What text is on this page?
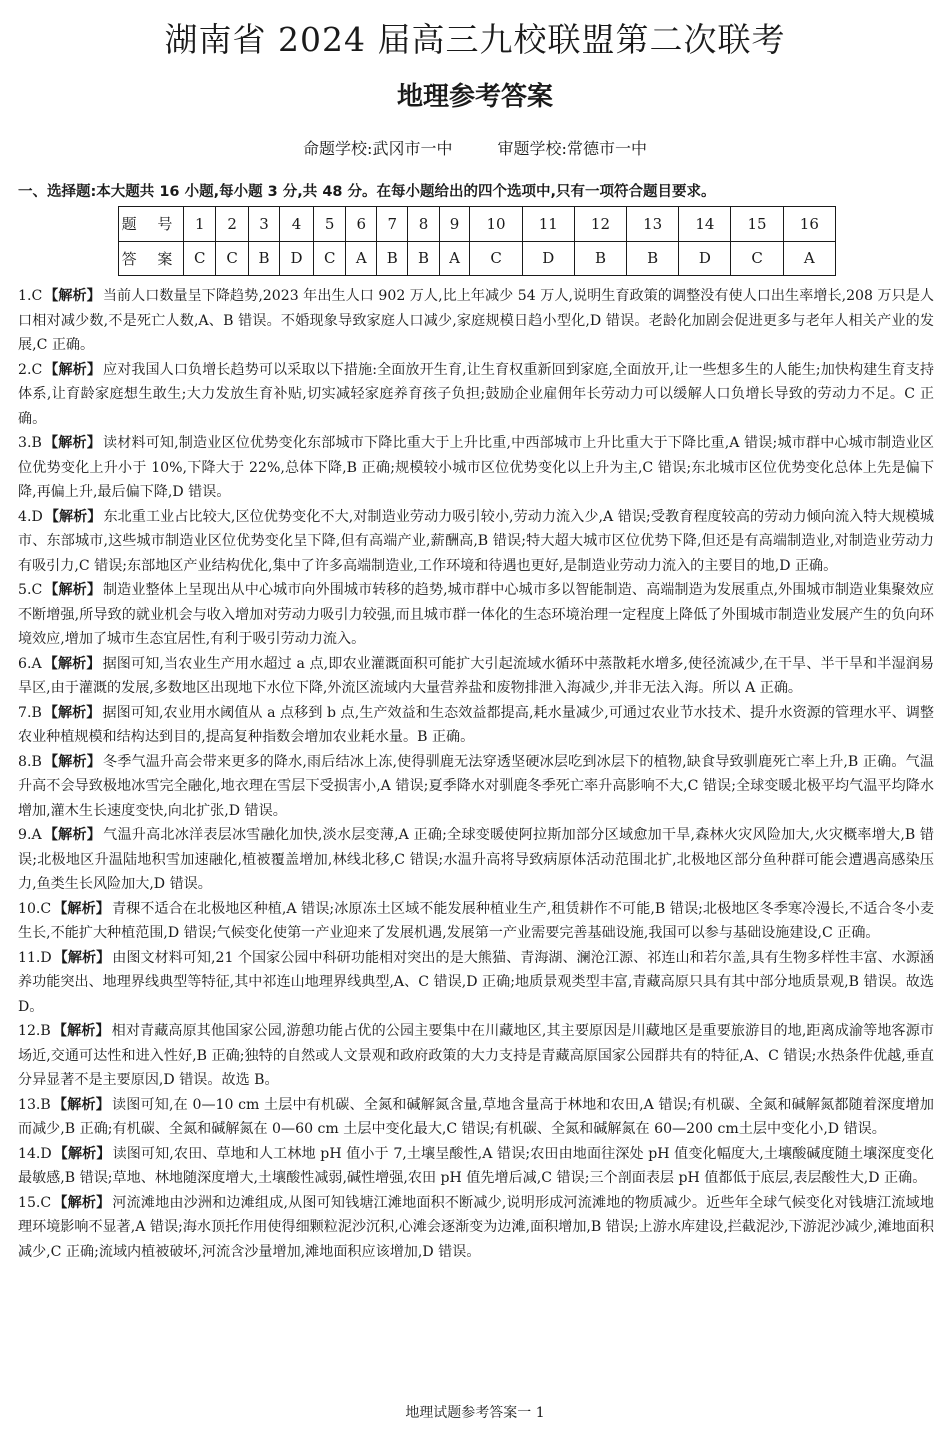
湖南省 2024 届高三九校联盟第二次联考
地理参考答案
命题学校:武冈市一中	审题学校:常德市一中
一、选择题:本大题共 16 小题,每小题 3 分,共 48 分。在每小题给出的四个选项中,只有一项符合题目要求。
题 号	1	2	3	4	5	6	7	8	9	10	11	12	13	14	15	16
答 案	C	C	B	D	C	A	B	B	A	C	D	B	B	D	C	A

1.C 【解析】 当前人口数量呈下降趋势,2023 年出生人口 902 万人,比上年减少 54 万人,说明生育政策的调整没有使人口出生率增长,208 万只是人口相对减少数,不是死亡人数,A、B 错误。不婚现象导致家庭人口减少,家庭规模日趋小型化,D 错误。老龄化加剧会促进更多与老年人相关产业的发展,C 正确。

2.C 【解析】 应对我国人口负增长趋势可以采取以下措施:全面放开生育,让生育权重新回到家庭,全面放开,让一些想多生的人能生;加快构建生育支持体系,让育龄家庭想生敢生;大力发放生育补贴,切实减轻家庭养育孩子负担;鼓励企业雇佣年长劳动力可以缓解人口负增长导致的劳动力不足。C 正确。

3.B 【解析】 读材料可知,制造业区位优势变化东部城市下降比重大于上升比重,中西部城市上升比重大于下降比重,A 错误;城市群中心城市制造业区位优势变化上升小于 10%,下降大于 22%,总体下降,B 正确;规模较小城市区位优势变化以上升为主,C 错误;东北城市区位优势变化总体上先是偏下降,再偏上升,最后偏下降,D 错误。

4.D 【解析】 东北重工业占比较大,区位优势变化不大,对制造业劳动力吸引较小,劳动力流入少,A 错误;受教育程度较高的劳动力倾向流入特大规模城市、东部城市,这些城市制造业区位优势变化呈下降,但有高端产业,薪酬高,B 错误;特大超大城市区位优势下降,但还是有高端制造业,对制造业劳动力有吸引力,C 错误;东部地区产业结构优化,集中了许多高端制造业,工作环境和待遇也更好,是制造业劳动力流入的主要目的地,D 正确。

5.C 【解析】 制造业整体上呈现出从中心城市向外围城市转移的趋势,城市群中心城市多以智能制造、高端制造为发展重点,外围城市制造业集聚效应不断增强,所导致的就业机会与收入增加对劳动力吸引力较强,而且城市群一体化的生态环境治理一定程度上降低了外围城市制造业发展产生的负向环境效应,增加了城市生态宜居性,有利于吸引劳动力流入。

6.A 【解析】 据图可知,当农业生产用水超过 a 点,即农业灌溉面积可能扩大引起流域水循环中蒸散耗水增多,使径流减少,在干旱、半干旱和半湿润易旱区,由于灌溉的发展,多数地区出现地下水位下降,外流区流域内大量营养盐和废物排泄入海减少,并非无法入海。所以 A 正确。

7.B 【解析】 据图可知,农业用水阈值从 a 点移到 b 点,生产效益和生态效益都提高,耗水量减少,可通过农业节水技术、提升水资源的管理水平、调整农业种植规模和结构达到目的,提高复种指数会增加农业耗水量。B 正确。

8.B 【解析】 冬季气温升高会带来更多的降水,雨后结冰上冻,使得驯鹿无法穿透坚硬冰层吃到冰层下的植物,缺食导致驯鹿死亡率上升,B 正确。气温升高不会导致极地冰雪完全融化,地衣理在雪层下受损害小,A 错误;夏季降水对驯鹿冬季死亡率升高影响不大,C 错误;全球变暖北极平均气温平均降水增加,灌木生长速度变快,向北扩张,D 错误。

9.A 【解析】 气温升高北冰洋表层冰雪融化加快,淡水层变薄,A 正确;全球变暖使阿拉斯加部分区域愈加干旱,森林火灾风险加大,火灾概率增大,B 错误;北极地区升温陆地积雪加速融化,植被覆盖增加,林线北移,C 错误;水温升高将导致病原体活动范围北扩,北极地区部分鱼种群可能会遭遇高感染压力,鱼类生长风险加大,D 错误。

10.C 【解析】 青稞不适合在北极地区种植,A 错误;冰原冻土区域不能发展种植业生产,租赁耕作不可能,B 错误;北极地区冬季寒冷漫长,不适合冬小麦生长,不能扩大种植范围,D 错误;气候变化使第一产业迎来了发展机遇,发展第一产业需要完善基础设施,我国可以参与基础设施建设,C 正确。

11.D 【解析】 由图文材料可知,21 个国家公园中科研功能相对突出的是大熊猫、青海湖、澜沧江源、祁连山和若尔盖,具有生物多样性丰富、水源涵养功能突出、地理界线典型等特征,其中祁连山地理界线典型,A、C 错误,D 正确;地质景观类型丰富,青藏高原只具有其中部分地质景观,B 错误。故选 D。

12.B 【解析】 相对青藏高原其他国家公园,游憩功能占优的公园主要集中在川藏地区,其主要原因是川藏地区是重要旅游目的地,距离成渝等地客源市场近,交通可达性和进入性好,B 正确;独特的自然或人文景观和政府政策的大力支持是青藏高原国家公园群共有的特征,A、C 错误;水热条件优越,垂直分异显著不是主要原因,D 错误。故选 B。

13.B 【解析】 读图可知,在 0—10 cm 土层中有机碳、全氮和碱解氮含量,草地含量高于林地和农田,A 错误;有机碳、全氮和碱解氮都随着深度增加而减少,B 正确;有机碳、全氮和碱解氮在 0—60 cm 土层中变化最大,C 错误;有机碳、全氮和碱解氮在 60—200 cm土层中变化小,D 错误。

14.D 【解析】 读图可知,农田、草地和人工林地 pH 值小于 7,土壤呈酸性,A 错误;农田由地面往深处 pH 值变化幅度大,土壤酸碱度随土壤深度变化最敏感,B 错误;草地、林地随深度增大,土壤酸性减弱,碱性增强,农田 pH 值先增后减,C 错误;三个剖面表层 pH 值都低于底层,表层酸性大,D 正确。

15.C 【解析】 河流滩地由沙洲和边滩组成,从图可知钱塘江滩地面积不断减少,说明形成河流滩地的物质减少。近些年全球气候变化对钱塘江流域地理环境影响不显著,A 错误;海水顶托作用使得细颗粒泥沙沉积,心滩会逐渐变为边滩,面积增加,B 错误;上游水库建设,拦截泥沙,下游泥沙减少,滩地面积减少,C 正确;流域内植被破坏,河流含沙量增加,滩地面积应该增加,D 错误。

地理试题参考答案一 1
